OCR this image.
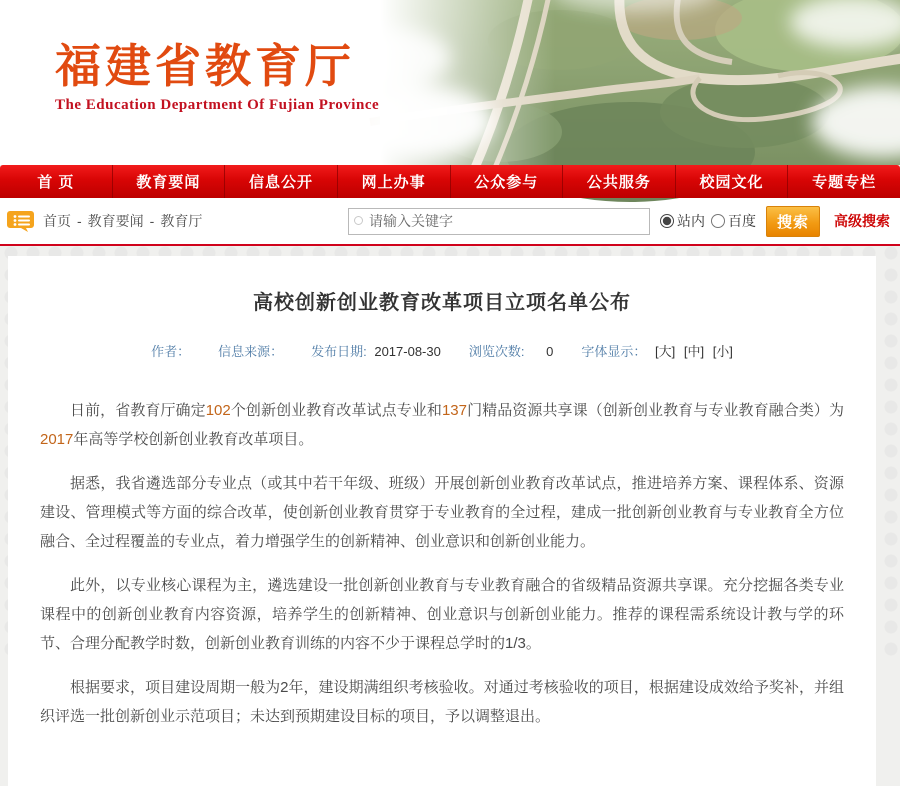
福建省教育厅
The Education Department Of Fujian Province
首 页	教育要闻	信息公开	网上办事	公众参与	公共服务	校园文化	专题专栏
首页 - 教育要闻 - 教育厅
请输入关键字	站内 百度	搜索	高级搜索
高校创新创业教育改革项目立项名单公布
作者： 信息来源： 发布日期: 2017-08-30 浏览次数: 0 字体显示： [大] [中] [小]

日前，省教育厅确定102个创新创业教育改革试点专业和137门精品资源共享课（创新创业教育与专业教育融合类）为2017年高等学校创新创业教育改革项目。

据悉，我省遴选部分专业点（或其中若干年级、班级）开展创新创业教育改革试点，推进培养方案、课程体系、资源建设、管理模式等方面的综合改革，使创新创业教育贯穿于专业教育的全过程，建成一批创新创业教育与专业教育全方位融合、全过程覆盖的专业点，着力增强学生的创新精神、创业意识和创新创业能力。

此外，以专业核心课程为主，遴选建设一批创新创业教育与专业教育融合的省级精品资源共享课。充分挖掘各类专业课程中的创新创业教育内容资源，培养学生的创新精神、创业意识与创新创业能力。推荐的课程需系统设计教与学的环节、合理分配教学时数，创新创业教育训练的内容不少于课程总学时的1/3。

根据要求，项目建设周期一般为2年，建设期满组织考核验收。对通过考核验收的项目，根据建设成效给予奖补，并组织评选一批创新创业示范项目；未达到预期建设目标的项目，予以调整退出。
